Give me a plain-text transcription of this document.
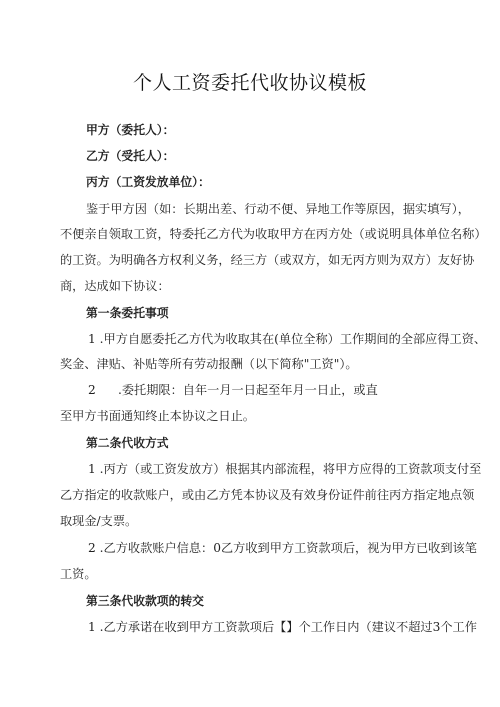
个人工资委托代收协议模板
甲方（委托人）：
乙方（受托人）：
丙方（工资发放单位）：
鉴于甲方因（如：长期出差、行动不便、异地工作等原因，据实填写），
不便亲自领取工资，特委托乙方代为收取甲方在丙方处（或说明具体单位名称）
的工资。为明确各方权利义务，经三方（或双方，如无丙方则为双方）友好协
商，达成如下协议：
第一条委托事项
1 .甲方自愿委托乙方代为收取其在(单位全称）工作期间的全部应得工资、
奖金、津贴、补贴等所有劳动报酬（以下简称"工资"）。
2 .委托期限：自年一月一日起至年月一日止，或直
至甲方书面通知终止本协议之日止。
第二条代收方式
1 .丙方（或工资发放方）根据其内部流程，将甲方应得的工资款项支付至
乙方指定的收款账户，或由乙方凭本协议及有效身份证件前往丙方指定地点领
取现金/支票。
2 .乙方收款账户信息：0乙方收到甲方工资款项后，视为甲方已收到该笔
工资。
第三条代收款项的转交
1 .乙方承诺在收到甲方工资款项后【】个工作日内（建议不超过3个工作
